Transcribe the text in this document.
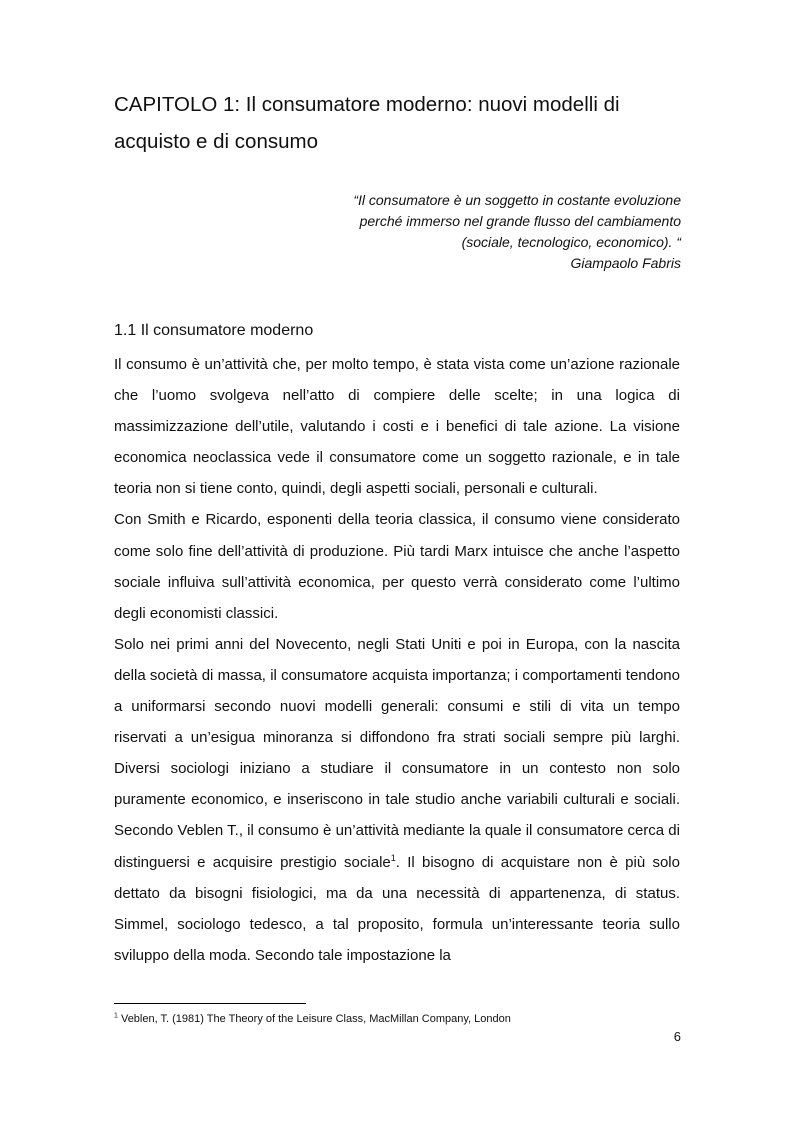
CAPITOLO 1: Il consumatore moderno: nuovi modelli di acquisto e di consumo
“Il consumatore è un soggetto in costante evoluzione
perché immerso nel grande flusso del cambiamento
(sociale, tecnologico, economico). “
Giampaolo Fabris
1.1 Il consumatore moderno

Il consumo è un’attività che, per molto tempo, è stata vista come un’azione razionale che l’uomo svolgeva nell’atto di compiere delle scelte; in una logica di massimizzazione dell’utile, valutando i costi e i benefici di tale azione. La visione economica neoclassica vede il consumatore come un soggetto razionale, e in tale teoria non si tiene conto, quindi, degli aspetti sociali, personali e culturali.

Con Smith e Ricardo, esponenti della teoria classica, il consumo viene considerato come solo fine dell’attività di produzione. Più tardi Marx intuisce che anche l’aspetto sociale influiva sull’attività economica, per questo verrà considerato come l’ultimo degli economisti classici.

Solo nei primi anni del Novecento, negli Stati Uniti e poi in Europa, con la nascita della società di massa, il consumatore acquista importanza; i comportamenti tendono a uniformarsi secondo nuovi modelli generali: consumi e stili di vita un tempo riservati a un’esigua minoranza si diffondono fra strati sociali sempre più larghi. Diversi sociologi iniziano a studiare il consumatore in un contesto non solo puramente economico, e inseriscono in tale studio anche variabili culturali e sociali. Secondo Veblen T., il consumo è un’attività mediante la quale il consumatore cerca di distinguersi e acquisire prestigio sociale$^1$. Il bisogno di acquistare non è più solo dettato da bisogni fisiologici, ma da una necessità di appartenenza, di status. Simmel, sociologo tedesco, a tal proposito, formula un’interessante teoria sullo sviluppo della moda. Secondo tale impostazione la

$^1$ Veblen, T. (1981) The Theory of the Leisure Class, MacMillan Company, London
6
